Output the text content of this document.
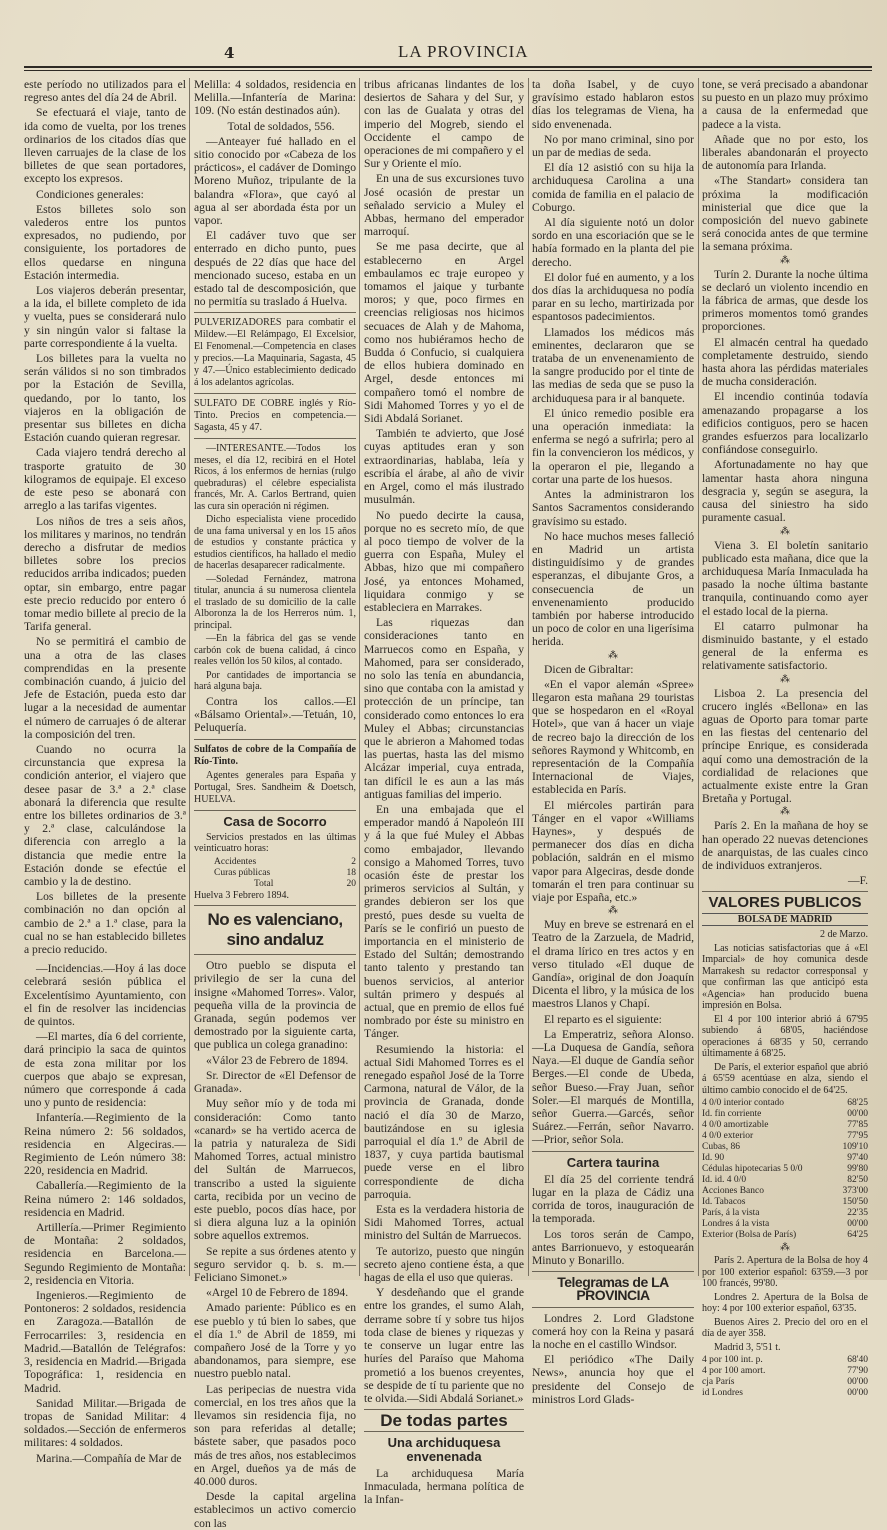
4	LA PROVINCIA

este período no utilizados para el regreso antes del día 24 de Abril.

Se efectuará el viaje, tanto de ida como de vuelta, por los trenes ordinarios de los citados días que lleven carruajes de la clase de los billetes de que sean portadores, excepto los expresos.

Condiciones generales:

Estos billetes solo son valederos entre los puntos expresados, no pudiendo, por consiguiente, los portadores de ellos quedarse en ninguna Estación intermedia.

Los viajeros deberán presentar, a la ida, el billete completo de ida y vuelta, pues se considerará nulo y sin ningún valor si faltase la parte correspondiente á la vuelta.

Los billetes para la vuelta no serán válidos si no son timbrados por la Estación de Sevilla, quedando, por lo tanto, los viajeros en la obligación de presentar sus billetes en dicha Estación cuando quieran regresar.

Cada viajero tendrá derecho al trasporte gratuito de 30 kilogramos de equipaje. El exceso de este peso se abonará con arreglo a las tarifas vigentes.

Los niños de tres a seis años, los militares y marinos, no tendrán derecho a disfrutar de medios billetes sobre los precios reducidos arriba indicados; pueden optar, sin embargo, entre pagar este precio reducido por entero ó tomar medio billete al precio de la Tarifa general.

No se permitirá el cambio de una a otra de las clases comprendidas en la presente combinación cuando, á juicio del Jefe de Estación, pueda esto dar lugar a la necesidad de aumentar el número de carruajes ó de alterar la composición del tren.

Cuando no ocurra la circunstancia que expresa la condición anterior, el viajero que desee pasar de 3.ª a 2.ª clase abonará la diferencia que resulte entre los billetes ordinarios de 3.ª y 2.ª clase, calculándose la diferencia con arreglo a la distancia que medie entre la Estación donde se efectúe el cambio y la de destino.

Los billetes de la presente combinación no dan opción al cambio de 2.ª a 1.ª clase, para la cual no se han establecido billetes a precio reducido.

—Incidencias.—Hoy á las doce celebrará sesión pública el Excelentísimo Ayuntamiento, con el fin de resolver las incidencias de quintos.

—El martes, día 6 del corriente, dará principio la saca de quintos de esta zona militar por los cuerpos que abajo se expresan, número que corresponde á cada uno y punto de residencia:

Infantería.—Regimiento de la Reina número 2: 56 soldados, residencia en Algeciras.—Regimiento de León número 38: 220, residencia en Madrid.

Caballería.—Regimiento de la Reina número 2: 146 soldados, residencia en Madrid.

Artillería.—Primer Regimiento de Montaña: 2 soldados, residencia en Barcelona.—Segundo Regimiento de Montaña: 2, residencia en Vitoria.

Ingenieros.—Regimiento de Pontoneros: 2 soldados, residencia en Zaragoza.—Batallón de Ferrocarriles: 3, residencia en Madrid.—Batallón de Telégrafos: 3, residencia en Madrid.—Brigada Topográfica: 1, residencia en Madrid.

Sanidad Militar.—Brigada de tropas de Sanidad Militar: 4 soldados.—Sección de enfermeros militares: 4 soldados.

Marina.—Compañía de Mar de

Melilla: 4 soldados, residencia en Melilla.—Infantería de Marina: 109. (No están destinados aún).

Total de soldados, 556.

—Anteayer fué hallado en el sitio conocido por «Cabeza de los prácticos», el cadáver de Domingo Moreno Muñoz, tripulante de la balandra «Flora», que cayó al agua al ser abordada ésta por un vapor.

El cadáver tuvo que ser enterrado en dicho punto, pues después de 22 días que hace del mencionado suceso, estaba en un estado tal de descomposición, que no permitía su traslado á Huelva.

PULVERIZADORES para combatir el Mildew.—El Relámpago, El Excelsior, El Fenomenal.—Competencia en clases y precios.—La Maquinaria, Sagasta, 45 y 47.—Único establecimiento dedicado á los adelantos agrícolas.

SULFATO DE COBRE inglés y Río-Tinto. Precios en competencia.—Sagasta, 45 y 47.

—INTERESANTE.—Todos los meses, el día 12, recibirá en el Hotel Ricos, á los enfermos de hernias (rulgo quebraduras) el célebre especialista francés, Mr. A. Carlos Bertrand, quien las cura sin operación ni régimen.

Dicho especialista viene procedido de una fama universal y en los 15 años de estudios y constante práctica y estudios científicos, ha hallado el medio de hacerlas desaparecer radicalmente.

—Soledad Fernández, matrona titular, anuncia á su numerosa clientela el traslado de su domicilio de la calle Alboronza la de los Herreros núm. 1, principal.

—En la fábrica del gas se vende carbón cok de buena calidad, á cinco reales vellón los 50 kilos, al contado.

Por cantidades de importancia se hará alguna baja.

Contra los callos.—El «Bálsamo Oriental».—Tetuán, 10, Peluquería.

Sulfatos de cobre de la Compañía de Río-Tinto.

Agentes generales para España y Portugal, Sres. Sandheim & Doetsch, HUELVA.

Casa de Socorro

Servicios prestados en las últimas veinticuatro horas:

Accidentes	2
Curas públicas	18
Total	20

Huelva 3 Febrero 1894.

No es valenciano, sino andaluz

Otro pueblo se disputa el privilegio de ser la cuna del insigne «Mahomed Torres». Valor, pequeña villa de la provincia de Granada, según podemos ver demostrado por la siguiente carta, que publica un colega granadino:

«Válor 23 de Febrero de 1894.

Sr. Director de «El Defensor de Granada».

Muy señor mío y de toda mi consideración: Como tanto «canard» se ha vertido acerca de la patria y naturaleza de Sidi Mahomed Torres, actual ministro del Sultán de Marruecos, transcribo a usted la siguiente carta, recibida por un vecino de este pueblo, pocos días hace, por si diera alguna luz a la opinión sobre aquellos extremos.

Se repite a sus órdenes atento y seguro servidor q. b. s. m.—Feliciano Simonet.»

«Argel 10 de Febrero de 1894.

Amado pariente: Público es en ese pueblo y tú bien lo sabes, que el día 1.º de Abril de 1859, mi compañero José de la Torre y yo abandonamos, para siempre, ese nuestro pueblo natal.

Las peripecias de nuestra vida comercial, en los tres años que la llevamos sin residencia fija, no son para referidas al detalle; bástete saber, que pasados poco más de tres años, nos establecimos en Argel, dueños ya de más de 40.000 duros.

Desde la capital argelina establecimos un activo comercio con las

tribus africanas lindantes de los desiertos de Sahara y del Sur, y con las de Gualata y otras del imperio del Mogreb, siendo el Occidente el campo de operaciones de mi compañero y el Sur y Oriente el mío.

En una de sus excursiones tuvo José ocasión de prestar un señalado servicio a Muley el Abbas, hermano del emperador marroquí.

Se me pasa decirte, que al establecerno en Argel embaulamos ec traje europeo y tomamos el jaique y turbante moros; y que, poco firmes en creencias religiosas nos hicimos secuaces de Alah y de Mahoma, como nos hubiéramos hecho de Budda ó Confucio, si cualquiera de ellos hubiera dominado en Argel, desde entonces mi compañero tomó el nombre de Sidi Mahomed Torres y yo el de Sidi Abdalá Sorianet.

También te advierto, que José cuyas aptitudes eran y son extraordinarias, hablaba, leía y escribía el árabe, al año de vivir en Argel, como el más ilustrado musulmán.

No puedo decirte la causa, porque no es secreto mío, de que al poco tiempo de volver de la guerra con España, Muley el Abbas, hizo que mi compañero José, ya entonces Mohamed, liquidara conmigo y se estableciera en Marrakes.

Las riquezas dan consideraciones tanto en Marruecos como en España, y Mahomed, para ser considerado, no solo las tenía en abundancia, sino que contaba con la amistad y protección de un príncipe, tan considerado como entonces lo era Muley el Abbas; circunstancias que le abrieron a Mahomed todas las puertas, hasta las del mismo Alcázar imperial, cuya entrada, tan difícil le es aun a las más antiguas familias del imperio.

En una embajada que el emperador mandó á Napoleón III y á la que fué Muley el Abbas como embajador, llevando consigo a Mahomed Torres, tuvo ocasión éste de prestar los primeros servicios al Sultán, y grandes debieron ser los que prestó, pues desde su vuelta de París se le confirió un puesto de importancia en el ministerio de Estado del Sultán; demostrando tanto talento y prestando tan buenos servicios, al anterior sultán primero y después al actual, que en premio de ellos fué nombrado por éste su ministro en Tánger.

Resumiendo la historia: el actual Sidi Mahomed Torres es el renegado español José de la Torre Carmona, natural de Válor, de la provincia de Granada, donde nació el día 30 de Marzo, bautizándose en su iglesia parroquial el día 1.º de Abril de 1837, y cuya partida bautismal puede verse en el libro correspondiente de dicha parroquia.

Esta es la verdadera historia de Sidi Mahomed Torres, actual ministro del Sultán de Marruecos.

Te autorizo, puesto que ningún secreto ajeno contiene ésta, a que hagas de ella el uso que quieras.

Y desdeñando que el grande entre los grandes, el sumo Alah, derrame sobre tí y sobre tus hijos toda clase de bienes y riquezas y te conserve un lugar entre las huríes del Paraíso que Mahoma prometió a los buenos creyentes, se despide de tí tu pariente que no te olvida.—Sidi Abdalá Sorianet.»

De todas partes
Una archiduquesa envenenada

La archiduquesa María Inmaculada, hermana política de la Infan-

ta doña Isabel, y de cuyo gravísimo estado hablaron estos días los telegramas de Viena, ha sido envenenada.

No por mano criminal, sino por un par de medias de seda.

El día 12 asistió con su hija la archiduquesa Carolina a una comida de familia en el palacio de Coburgo.

Al día siguiente notó un dolor sordo en una escoriación que se le había formado en la planta del pie derecho.

El dolor fué en aumento, y a los dos días la archiduquesa no podía parar en su lecho, martirizada por espantosos padecimientos.

Llamados los médicos más eminentes, declararon que se trataba de un envenenamiento de la sangre producido por el tinte de las medias de seda que se puso la archiduquesa para ir al banquete.

El único remedio posible era una operación inmediata: la enferma se negó a sufrirla; pero al fin la convencieron los médicos, y la operaron el pie, llegando a cortar una parte de los huesos.

Antes la administraron los Santos Sacramentos considerando gravísimo su estado.

No hace muchos meses falleció en Madrid un artista distinguidísimo y de grandes esperanzas, el dibujante Gros, a consecuencia de un envenenamiento producido también por haberse introducido un poco de color en una ligerísima herida.

⁂

Dicen de Gibraltar:

«En el vapor alemán «Spree» llegaron esta mañana 29 touristas que se hospedaron en el «Royal Hotel», que van á hacer un viaje de recreo bajo la dirección de los señores Raymond y Whitcomb, en representación de la Compañía Internacional de Viajes, establecida en París.

El miércoles partirán para Tánger en el vapor «Williams Haynes», y después de permanecer dos días en dicha población, saldrán en el mismo vapor para Algeciras, desde donde tomarán el tren para continuar su viaje por España, etc.»

⁂

Muy en breve se estrenará en el Teatro de la Zarzuela, de Madrid, el drama lírico en tres actos y en verso titulado «El duque de Gandía», original de don Joaquín Dicenta el libro, y la música de los maestros Llanos y Chapí.

El reparto es el siguiente:

La Emperatriz, señora Alonso.—La Duquesa de Gandía, señora Naya.—El duque de Gandía señor Berges.—El conde de Ubeda, señor Bueso.—Fray Juan, señor Soler.—El marqués de Montilla, señor Guerra.—Garcés, señor Suárez.—Ferrán, señor Navarro.—Prior, señor Sola.

Cartera taurina

El día 25 del corriente tendrá lugar en la plaza de Cádiz una corrida de toros, inauguración de la temporada.

Los toros serán de Campo, antes Barrionuevo, y estoquearán Minuto y Bonarillo.

Telegramas de LA PROVINCIA

Londres 2. Lord Gladstone comerá hoy con la Reina y pasará la noche en el castillo Windsor.

El periódico «The Daily News», anuncia hoy que el presidente del Consejo de ministros Lord Glads-

tone, se verá precisado a abandonar su puesto en un plazo muy próximo a causa de la enfermedad que padece a la vista.

Añade que no por esto, los liberales abandonarán el proyecto de autonomía para Irlanda.

«The Standart» considera tan próxima la modificación ministerial que dice que la composición del nuevo gabinete será conocida antes de que termine la semana próxima.

⁂

Turín 2. Durante la noche última se declaró un violento incendio en la fábrica de armas, que desde los primeros momentos tomó grandes proporciones.

El almacén central ha quedado completamente destruido, siendo hasta ahora las pérdidas materiales de mucha consideración.

El incendio continúa todavía amenazando propagarse a los edificios contiguos, pero se hacen grandes esfuerzos para localizarlo confiándose conseguirlo.

Afortunadamente no hay que lamentar hasta ahora ninguna desgracia y, según se asegura, la causa del siniestro ha sido puramente casual.

⁂

Viena 3. El boletín sanitario publicado esta mañana, dice que la archiduquesa María Inmaculada ha pasado la noche última bastante tranquila, continuando como ayer el estado local de la pierna.

El catarro pulmonar ha disminuido bastante, y el estado general de la enferma es relativamente satisfactorio.

⁂

Lisboa 2. La presencia del crucero inglés «Bellona» en las aguas de Oporto para tomar parte en las fiestas del centenario del príncipe Enrique, es considerada aquí como una demostración de la cordialidad de relaciones que actualmente existe entre la Gran Bretaña y Portugal.

⁂

París 2. En la mañana de hoy se han operado 22 nuevas detenciones de anarquistas, de las cuales cinco de individuos extranjeros.

—F.

VALORES PUBLICOS
BOLSA DE MADRID

2 de Marzo.

Las noticias satisfactorias que á «El Imparcial» de hoy comunica desde Marrakesh su redactor corresponsal y que confirman las que anticipó esta «Agencia» han producido buena impresión en Bolsa.

El 4 por 100 interior abrió á 67'95 subiendo á 68'05, haciéndose operaciones á 68'35 y 50, cerrando últimamente á 68'25.

De París, el exterior español que abrió á 65'59 acentúase en alza, siendo el último cambio conocido el de 64'25.

4 0/0 interior contado	68'25
Id. fin corriente	00'00
4 0/0 amortizable	77'85
4 0/0 exterior	77'95
Cubas, 86	109'10
Id. 90	97'40
Cédulas hipotecarias 5 0/0	99'80
Id. id. 4 0/0	82'50
Acciones Banco	373'00
Id. Tabacos	150'50
París, á la vista	22'35
Londres á la vista	00'00
Exterior (Bolsa de París)	64'25
⁂

París 2. Apertura de la Bolsa de hoy 4 por 100 exterior español: 63'59.—3 por 100 francés, 99'80.

Londres 2. Apertura de la Bolsa de hoy: 4 por 100 exterior español, 63'35.

Buenos Aires 2. Precio del oro en el día de ayer 358.

Madrid 3, 5'51 t.

4 por 100 int. p.	68'40
4 por 100 amort.	77'90
cja París	00'00
id Londres	00'00
